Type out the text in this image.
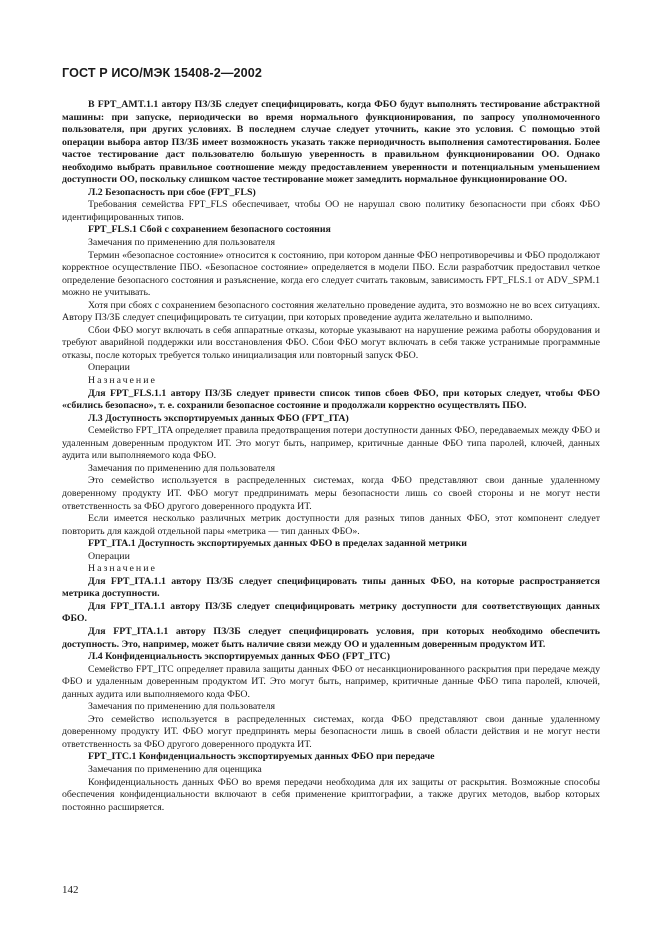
ГОСТ Р ИСО/МЭК 15408-2—2002

В FPT_AMT.1.1 автору ПЗ/ЗБ следует специфицировать, когда ФБО будут выполнять тестирование абстрактной машины: при запуске, периодически во время нормального функционирования, по запросу уполномоченного пользователя, при других условиях. В последнем случае следует уточнить, какие это условия. С помощью этой операции выбора автор ПЗ/ЗБ имеет возможность указать также периодичность выполнения самотестирования. Более частое тестирование даст пользователю большую уверенность в правильном функционировании ОО. Однако необходимо выбрать правильное соотношение между предоставлением уверенности и потенциальным уменьшением доступности ОО, поскольку слишком частое тестирование может замедлить нормальное функционирование ОО.

Л.2 Безопасность при сбое (FPT_FLS)

Требования семейства FPT_FLS обеспечивает, чтобы ОО не нарушал свою политику безопасности при сбоях ФБО идентифицированных типов.

FPT_FLS.1 Сбой с сохранением безопасного состояния

Замечания по применению для пользователя

Термин «безопасное состояние» относится к состоянию, при котором данные ФБО непротиворечивы и ФБО продолжают корректное осуществление ПБО. «Безопасное состояние» определяется в модели ПБО. Если разработчик предоставил четкое определение безопасного состояния и разъяснение, когда его следует считать таковым, зависимость FPT_FLS.1 от ADV_SPM.1 можно не учитывать.

Хотя при сбоях с сохранением безопасного состояния желательно проведение аудита, это возможно не во всех ситуациях. Автору ПЗ/ЗБ следует специфицировать те ситуации, при которых проведение аудита желательно и выполнимо.

Сбои ФБО могут включать в себя аппаратные отказы, которые указывают на нарушение режима работы оборудования и требуют аварийной поддержки или восстановления ФБО. Сбои ФБО могут включать в себя также устранимые программные отказы, после которых требуется только инициализация или повторный запуск ФБО.

Операции

Назначение

Для FPT_FLS.1.1 автору ПЗ/ЗБ следует привести список типов сбоев ФБО, при которых следует, чтобы ФБО «сбились безопасно», т. е. сохранили безопасное состояние и продолжали корректно осуществлять ПБО.

Л.3 Доступность экспортируемых данных ФБО (FPT_ITA)

Семейство FPT_ITA определяет правила предотвращения потери доступности данных ФБО, передаваемых между ФБО и удаленным доверенным продуктом ИТ. Это могут быть, например, критичные данные ФБО типа паролей, ключей, данных аудита или выполняемого кода ФБО.

Замечания по применению для пользователя

Это семейство используется в распределенных системах, когда ФБО представляют свои данные удаленному доверенному продукту ИТ. ФБО могут предпринимать меры безопасности лишь со своей стороны и не могут нести ответственность за ФБО другого доверенного продукта ИТ.

Если имеется несколько различных метрик доступности для разных типов данных ФБО, этот компонент следует повторить для каждой отдельной пары «метрика — тип данных ФБО».

FPT_ITA.1 Доступность экспортируемых данных ФБО в пределах заданной метрики

Операции

Назначение

Для FPT_ITA.1.1 автору ПЗ/ЗБ следует специфицировать типы данных ФБО, на которые распространяется метрика доступности.

Для FPT_ITA.1.1 автору ПЗ/ЗБ следует специфицировать метрику доступности для соответствующих данных ФБО.

Для FPT_ITA.1.1 автору ПЗ/ЗБ следует специфицировать условия, при которых необходимо обеспечить доступность. Это, например, может быть наличие связи между ОО и удаленным доверенным продуктом ИТ.

Л.4 Конфиденциальность экспортируемых данных ФБО (FPT_ITC)

Семейство FPT_ITC определяет правила защиты данных ФБО от несанкционированного раскрытия при передаче между ФБО и удаленным доверенным продуктом ИТ. Это могут быть, например, критичные данные ФБО типа паролей, ключей, данных аудита или выполняемого кода ФБО.

Замечания по применению для пользователя

Это семейство используется в распределенных системах, когда ФБО представляют свои данные удаленному доверенному продукту ИТ. ФБО могут предпринять меры безопасности лишь в своей области действия и не могут нести ответственность за ФБО другого доверенного продукта ИТ.

FPT_ITC.1 Конфиденциальность экспортируемых данных ФБО при передаче

Замечания по применению для оценщика

Конфиденциальность данных ФБО во время передачи необходима для их защиты от раскрытия. Возможные способы обеспечения конфиденциальности включают в себя применение криптографии, а также других методов, выбор которых постоянно расширяется.

142
